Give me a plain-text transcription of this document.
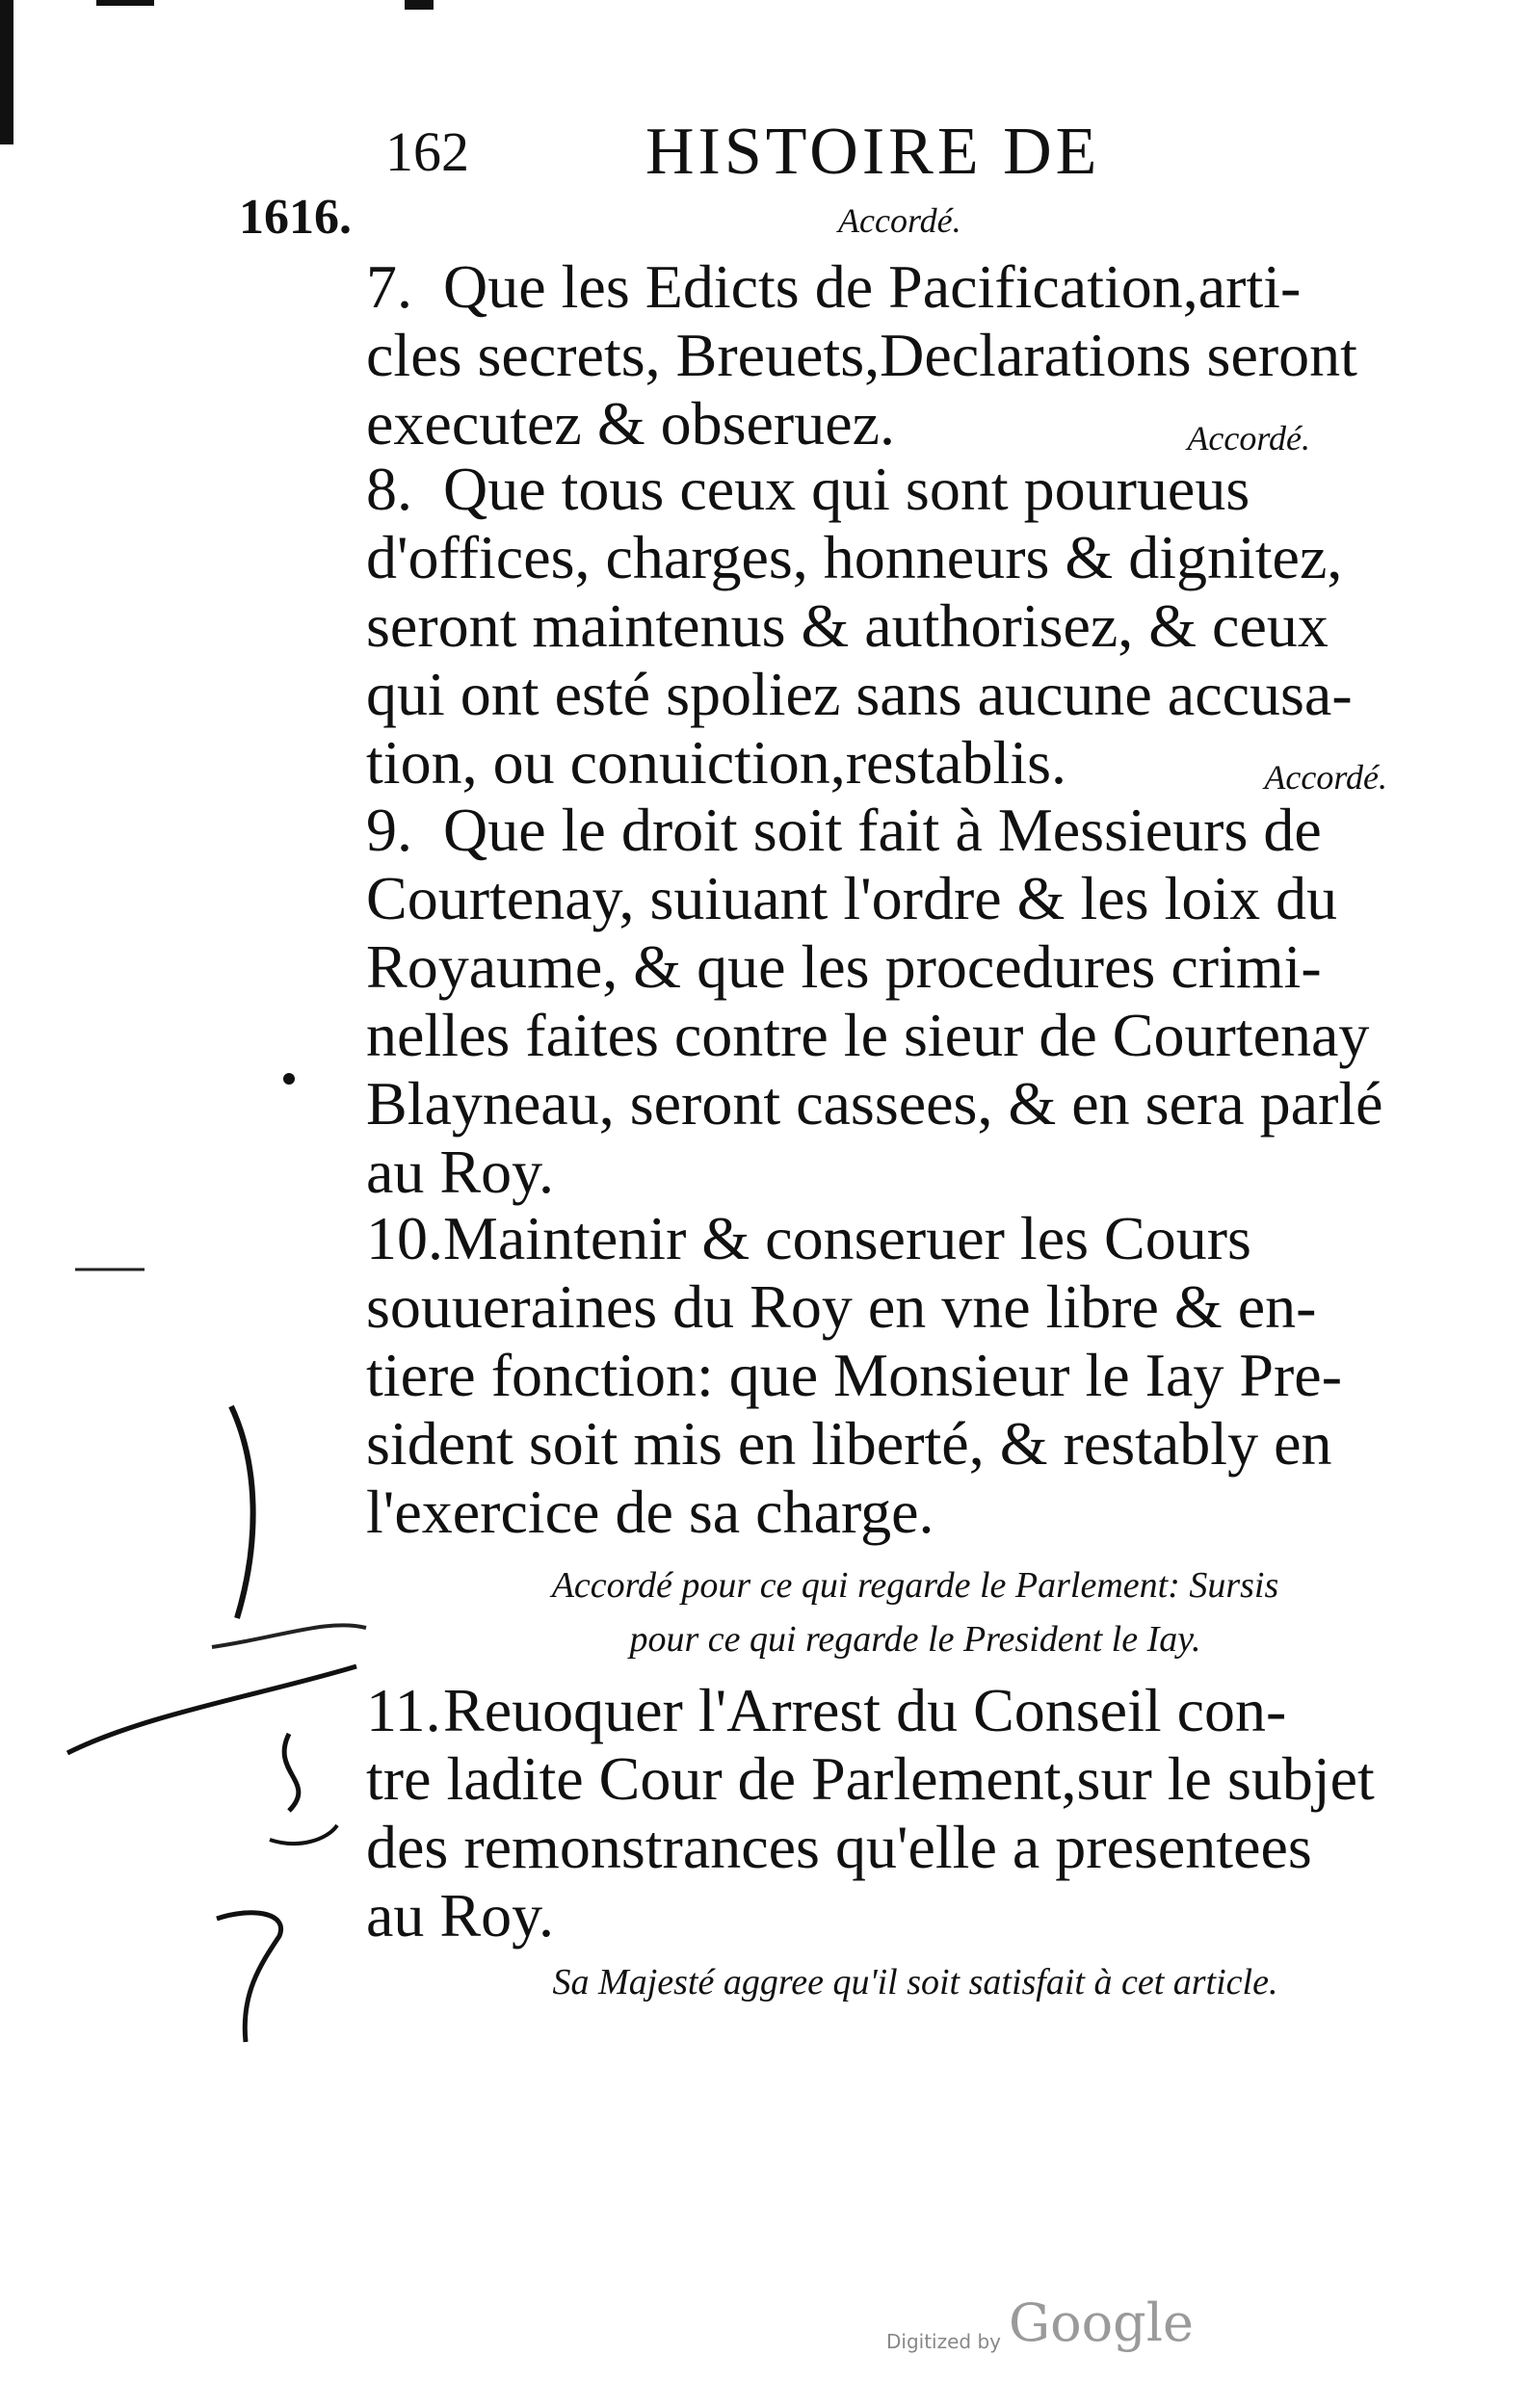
162	HISTOIRE DE
1616.	Accordé.
7. Que les Edicts de Pacification,arti-
cles secrets, Breuets,Declarations seront
executez & obseruez.	Accordé.
8. Que tous ceux qui sont pourueus
d'offices, charges, honneurs & dignitez,
seront maintenus & authorisez, & ceux
qui ont esté spoliez sans aucune accusa-
tion, ou conuiction,restablis.	Accordé.
9. Que le droit soit fait à Messieurs de
Courtenay, suiuant l'ordre & les loix du
Royaume, & que les procedures crimi-
nelles faites contre le sieur de Courtenay
Blayneau, seront cassees, & en sera parlé
au Roy.
10.Maintenir & conseruer les Cours
souueraines du Roy en vne libre & en-
tiere fonction: que Monsieur le Iay Pre-
sident soit mis en liberté, & restably en
l'exercice de sa charge.
Accordé pour ce qui regarde le Parlement: Sursis
pour ce qui regarde le President le Iay.
11.Reuoquer l'Arrest du Conseil con-
tre ladite Cour de Parlement,sur le subjet
des remonstrances qu'elle a presentees
au Roy.
Sa Majesté aggree qu'il soit satisfait à cet article.
Digitized by Google
